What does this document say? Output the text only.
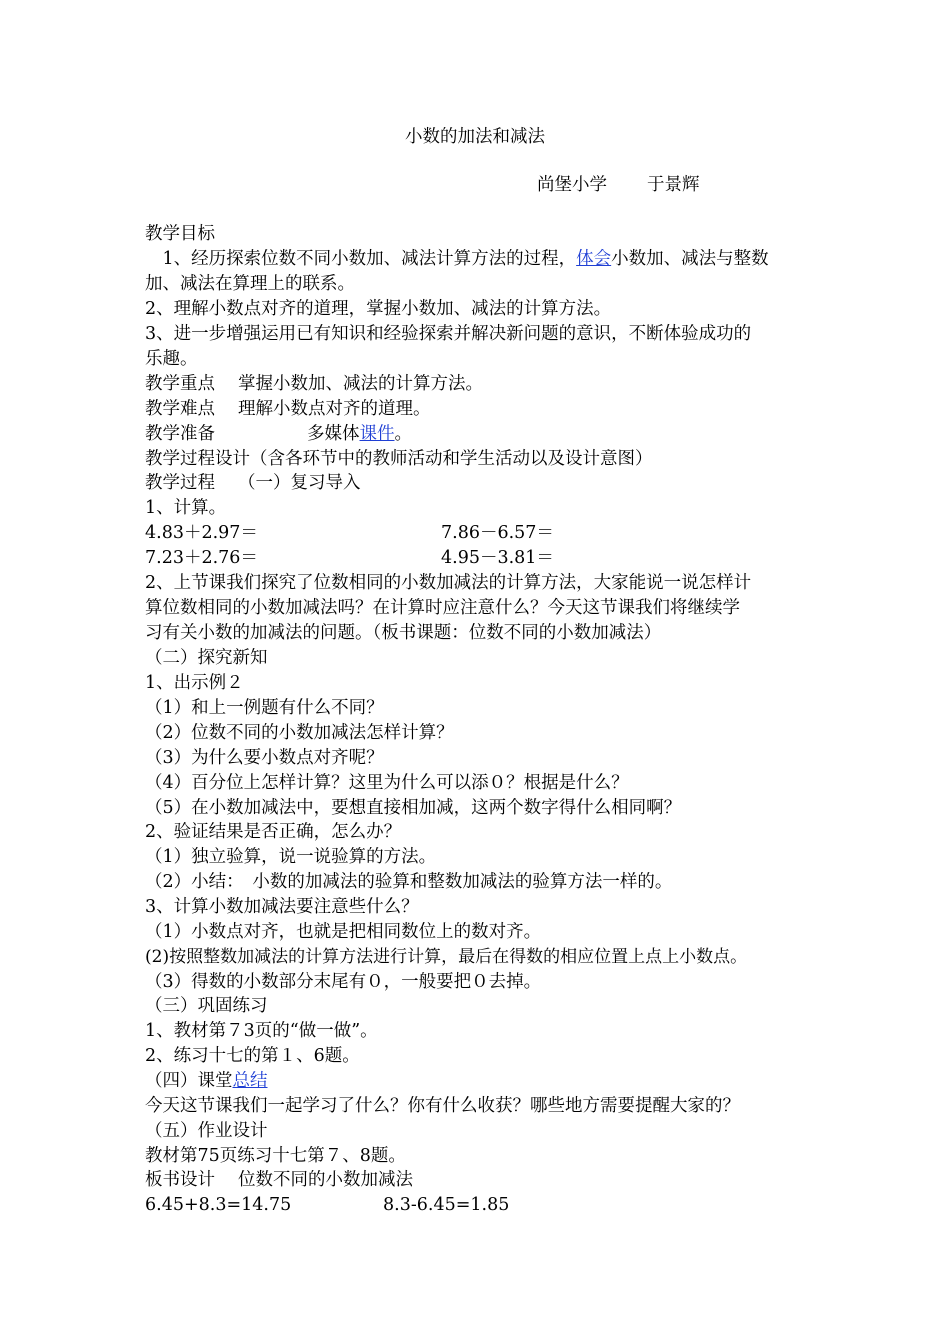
小数的加法和减法
尚堡小学 于景辉
教学目标
　1、经历探索位数不同小数加、减法计算方法的过程，体会小数加、减法与整数
加、减法在算理上的联系。
2、理解小数点对齐的道理，掌握小数加、减法的计算方法。
3、进一步增强运用已有知识和经验探索并解决新问题的意识，不断体验成功的
乐趣。
教学重点　 掌握小数加、减法的计算方法。
教学难点　 理解小数点对齐的道理。
教学准备	多媒体课件。
教学过程设计（含各环节中的教师活动和学生活动以及设计意图）
教学过程　 （一）复习导入
1、计算。
4.83＋2.97＝	7.86－6.57＝
7.23＋2.76＝	4.95－3.81＝
2、上节课我们探究了位数相同的小数加减法的计算方法，大家能说一说怎样计
算位数相同的小数加减法吗？在计算时应注意什么？今天这节课我们将继续学
习有关小数的加减法的问题。（板书课题：位数不同的小数加减法）
（二）探究新知
1、出示例２
（1）和上一例题有什么不同？
（2）位数不同的小数加减法怎样计算？
（3）为什么要小数点对齐呢？
（4）百分位上怎样计算？这里为什么可以添０？根据是什么？
（5）在小数加减法中，要想直接相加减，这两个数字得什么相同啊？
2、验证结果是否正确，怎么办？
（1）独立验算，说一说验算的方法。
（2）小结：　小数的加减法的验算和整数加减法的验算方法一样的。
3、计算小数加减法要注意些什么？
（1）小数点对齐，也就是把相同数位上的数对齐。
(2)按照整数加减法的计算方法进行计算，最后在得数的相应位置上点上小数点。
（3）得数的小数部分末尾有０，一般要把０去掉。
（三）巩固练习
1、教材第７3页的“做一做”。
2、练习十七的第１、6题。
（四）课堂总结
今天这节课我们一起学习了什么？你有什么收获？哪些地方需要提醒大家的？
（五）作业设计
教材第75页练习十七第７、8题。
板书设计　 位数不同的小数加减法
6.45+8.3=14.75	8.3-6.45=1.85
